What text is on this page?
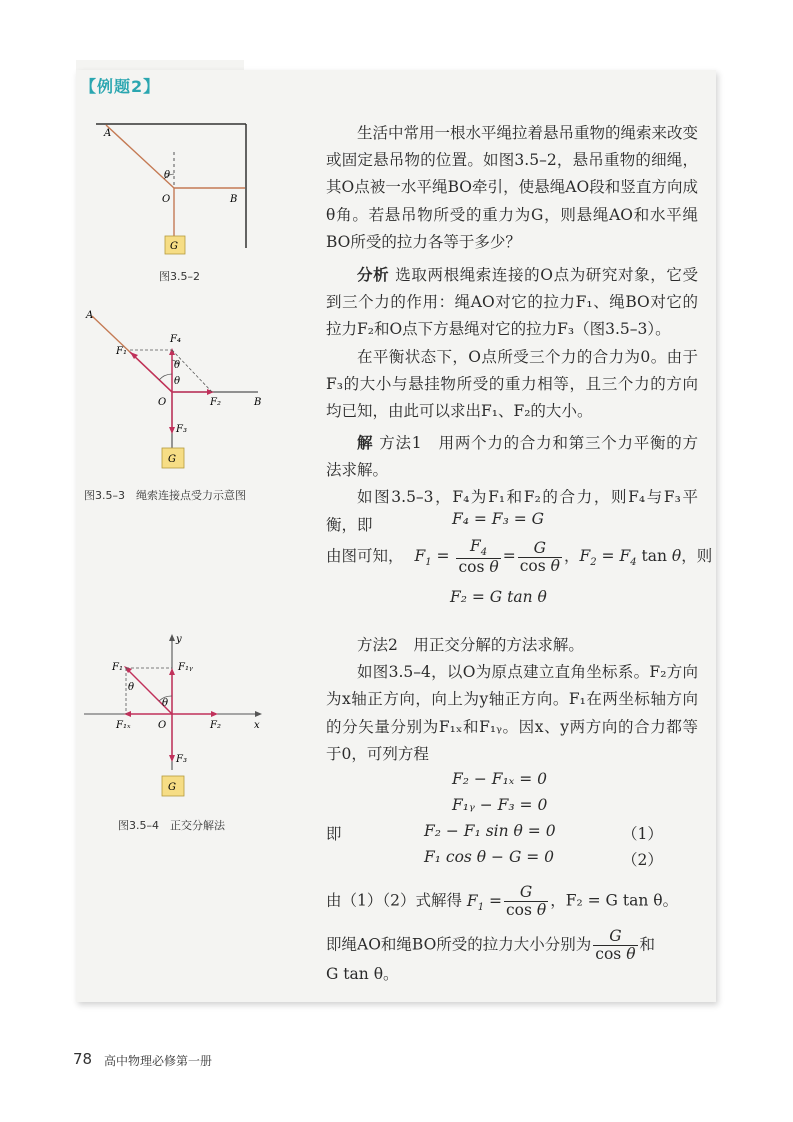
【例题2】

生活中常用一根水平绳拉着悬吊重物的绳索来改变或固定悬吊物的位置。如图3.5–2，悬吊重物的细绳，其O点被一水平绳BO牵引，使悬绳AO段和竖直方向成θ角。若悬吊物所受的重力为G，则悬绳AO和水平绳BO所受的拉力各等于多少？

分析 选取两根绳索连接的O点为研究对象，它受到三个力的作用：绳AO对它的拉力F₁、绳BO对它的拉力F₂和O点下方悬绳对它的拉力F₃（图3.5–3）。

在平衡状态下，O点所受三个力的合力为0。由于F₃的大小与悬挂物所受的重力相等，且三个力的方向均已知，由此可以求出F₁、F₂的大小。

解 方法1　用两个力的合力和第三个力平衡的方法求解。

如图3.5–3，F₄为F₁和F₂的合力，则F₄与F₃平衡，即	F₄ = F₃ = G
由图可知， $F_1 = \frac{F_4}{\text{cos θ}} = \frac{G}{\text{cos θ}}$ ，$F_2 = F_4$ tan θ，则
F₂ = G tan θ

方法2　用正交分解的方法求解。

如图3.5–4，以O为原点建立直角坐标系。F₂方向为x轴正方向，向上为y轴正方向。F₁在两坐标轴方向的分矢量分别为F₁ₓ和F₁ᵧ。因x、y两方向的合力都等于0，可列方程

F₂ − F₁ₓ = 0
F₁ᵧ − F₃ = 0
即	F₂ − F₁ sin θ = 0	（1）
F₁ cos θ − G = 0	（2）
由（1）（2）式解得 $F_1 = \frac{G}{\text{cos θ}}$ ，F₂ = G tan θ。
即绳AO和绳BO所受的拉力大小分别为 $\frac{G}{\text{cos θ}}$ 和
G tan θ。
A
θ
O	B
G
图3.5–2
A
F₁
F₄
θ
θ
O	F₂	B
F₃
G
图3.5–3　绳索连接点受力示意图
y
F₁	F₁ᵧ
θ
θ
F₁ₓ	O	F₂	x
F₃
G
图3.5–4　正交分解法
78 高中物理必修第一册
